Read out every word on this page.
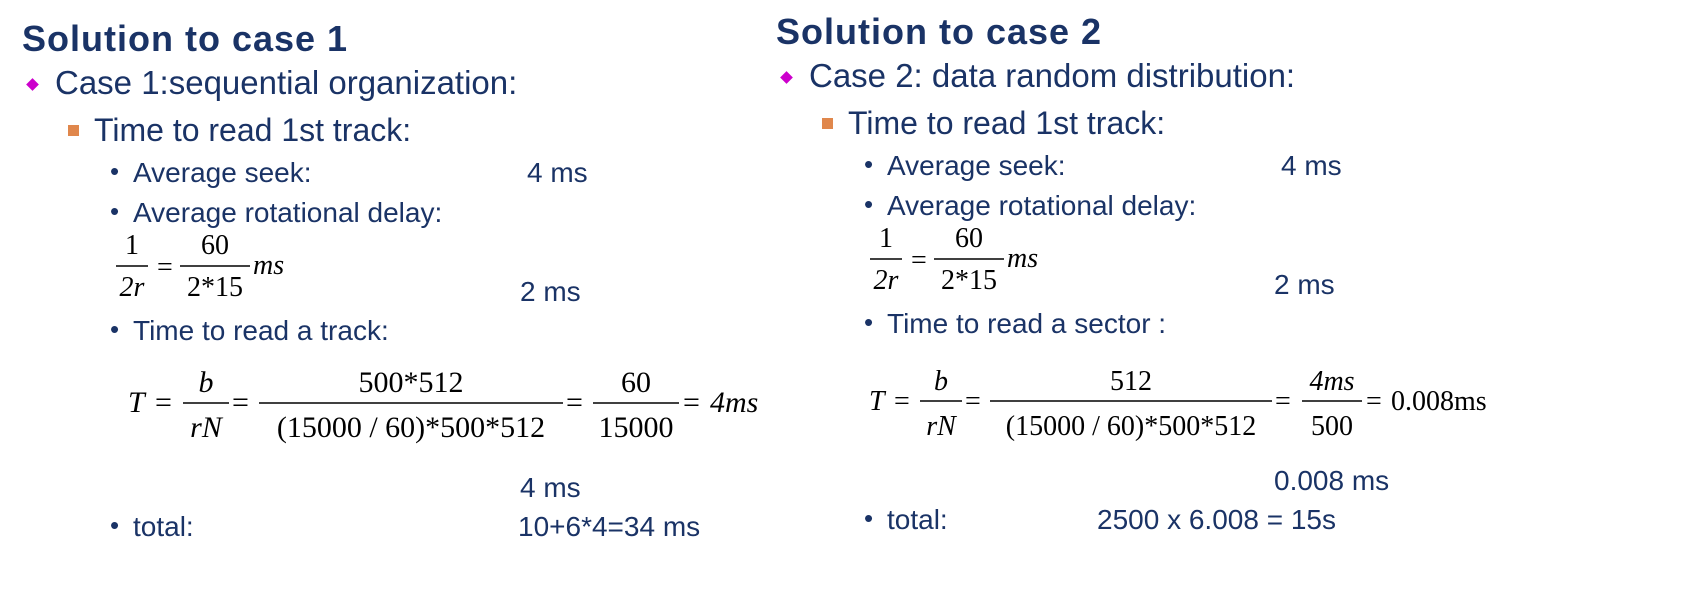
Solution to case 1
Case 1:sequential organization:
Time to read 1st track:
• Average seek:	4 ms
• Average rotational delay:
1
2r
=
60
2*15
ms
2 ms
• Time to read a track:
T =
b
rN
=
500*512
(15000 / 60)*500*512
=
60
15000
= 4ms
4 ms
• total:	10+6*4=34 ms
Solution to case 2
Case 2: data random distribution:
Time to read 1st track:
• Average seek:	4 ms
• Average rotational delay:
1
2r
=
60
2*15
ms
2 ms
• Time to read a sector :
T =
b
rN
=
512
(15000 / 60)*500*512
=
4ms
500
= 0.008ms
0.008 ms
• total:	2500 x 6.008 = 15s
